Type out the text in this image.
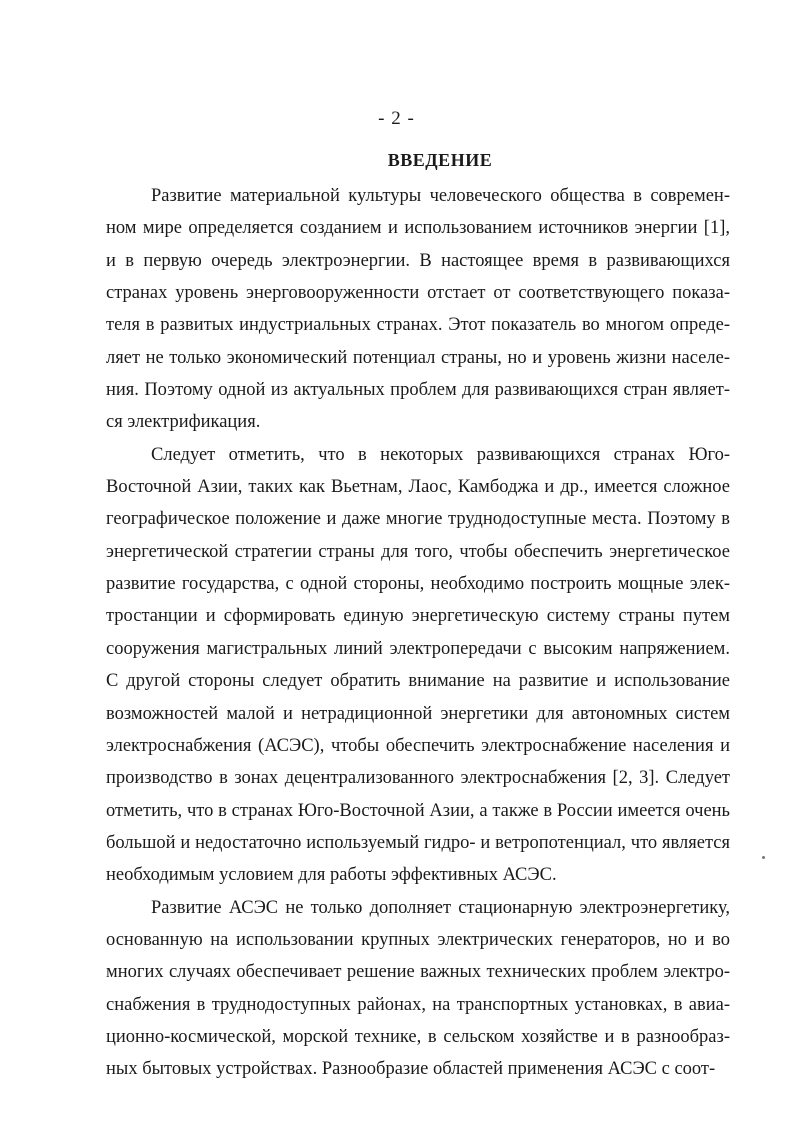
- 2 -
ВВЕДЕНИЕ

Развитие материальной культуры человеческого общества в современном мире определяется созданием и использованием источников энергии [1], и в первую очередь электроэнергии. В настоящее время в развивающихся странах уровень энерговооруженности отстает от соответствующего показателя в развитых индустриальных странах. Этот показатель во многом определяет не только экономический потенциал страны, но и уровень жизни населения. Поэтому одной из актуальных проблем для развивающихся стран является электрификация.

Следует отметить, что в некоторых развивающихся странах Юго-Восточной Азии, таких как Вьетнам, Лаос, Камбоджа и др., имеется сложное географическое положение и даже многие труднодоступные места. Поэтому в энергетической стратегии страны для того, чтобы обеспечить энергетическое развитие государства, с одной стороны, необходимо построить мощные электростанции и сформировать единую энергетическую систему страны путем сооружения магистральных линий электропередачи с высоким напряжением. С другой стороны следует обратить внимание на развитие и использование возможностей малой и нетрадиционной энергетики для автономных систем электроснабжения (АСЭС), чтобы обеспечить электроснабжение населения и производство в зонах децентрализованного электроснабжения [2, 3]. Следует отметить, что в странах Юго-Восточной Азии, а также в России имеется очень большой и недостаточно используемый гидро- и ветропотенциал, что является необходимым условием для работы эффективных АСЭС.

Развитие АСЭС не только дополняет стационарную электроэнергетику, основанную на использовании крупных электрических генераторов, но и во многих случаях обеспечивает решение важных технических проблем электроснабжения в труднодоступных районах, на транспортных установках, в авиационно-космической, морской технике, в сельском хозяйстве и в разнообразных бытовых устройствах. Разнообразие областей применения АСЭС с соот-
